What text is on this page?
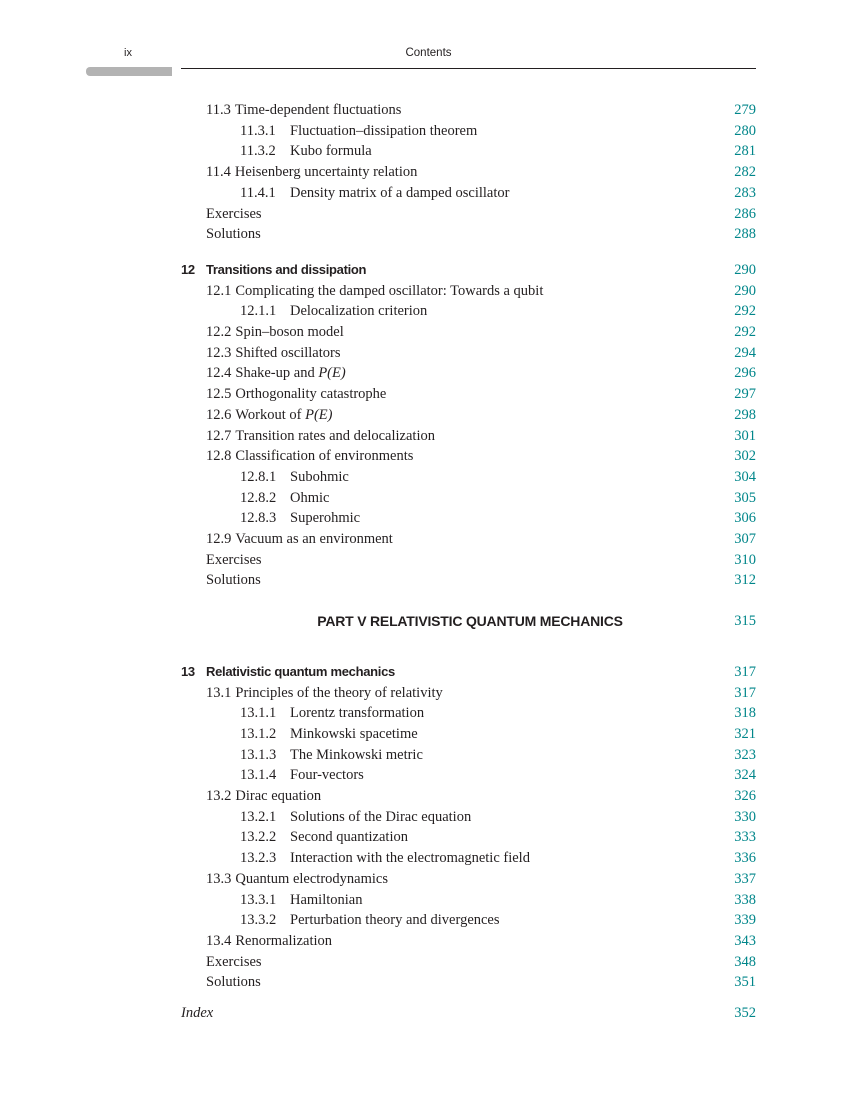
ix	Contents
11.3 Time-dependent fluctuations	279
11.3.1 Fluctuation–dissipation theorem	280
11.3.2 Kubo formula	281
11.4 Heisenberg uncertainty relation	282
11.4.1 Density matrix of a damped oscillator	283
Exercises	286
Solutions	288
12 Transitions and dissipation	290
12.1 Complicating the damped oscillator: Towards a qubit	290
12.1.1 Delocalization criterion	292
12.2 Spin–boson model	292
12.3 Shifted oscillators	294
12.4 Shake-up and P(E)	296
12.5 Orthogonality catastrophe	297
12.6 Workout of P(E)	298
12.7 Transition rates and delocalization	301
12.8 Classification of environments	302
12.8.1 Subohmic	304
12.8.2 Ohmic	305
12.8.3 Superohmic	306
12.9 Vacuum as an environment	307
Exercises	310
Solutions	312
PART V RELATIVISTIC QUANTUM MECHANICS	315
13 Relativistic quantum mechanics	317
13.1 Principles of the theory of relativity	317
13.1.1 Lorentz transformation	318
13.1.2 Minkowski spacetime	321
13.1.3 The Minkowski metric	323
13.1.4 Four-vectors	324
13.2 Dirac equation	326
13.2.1 Solutions of the Dirac equation	330
13.2.2 Second quantization	333
13.2.3 Interaction with the electromagnetic field	336
13.3 Quantum electrodynamics	337
13.3.1 Hamiltonian	338
13.3.2 Perturbation theory and divergences	339
13.4 Renormalization	343
Exercises	348
Solutions	351
Index	352
